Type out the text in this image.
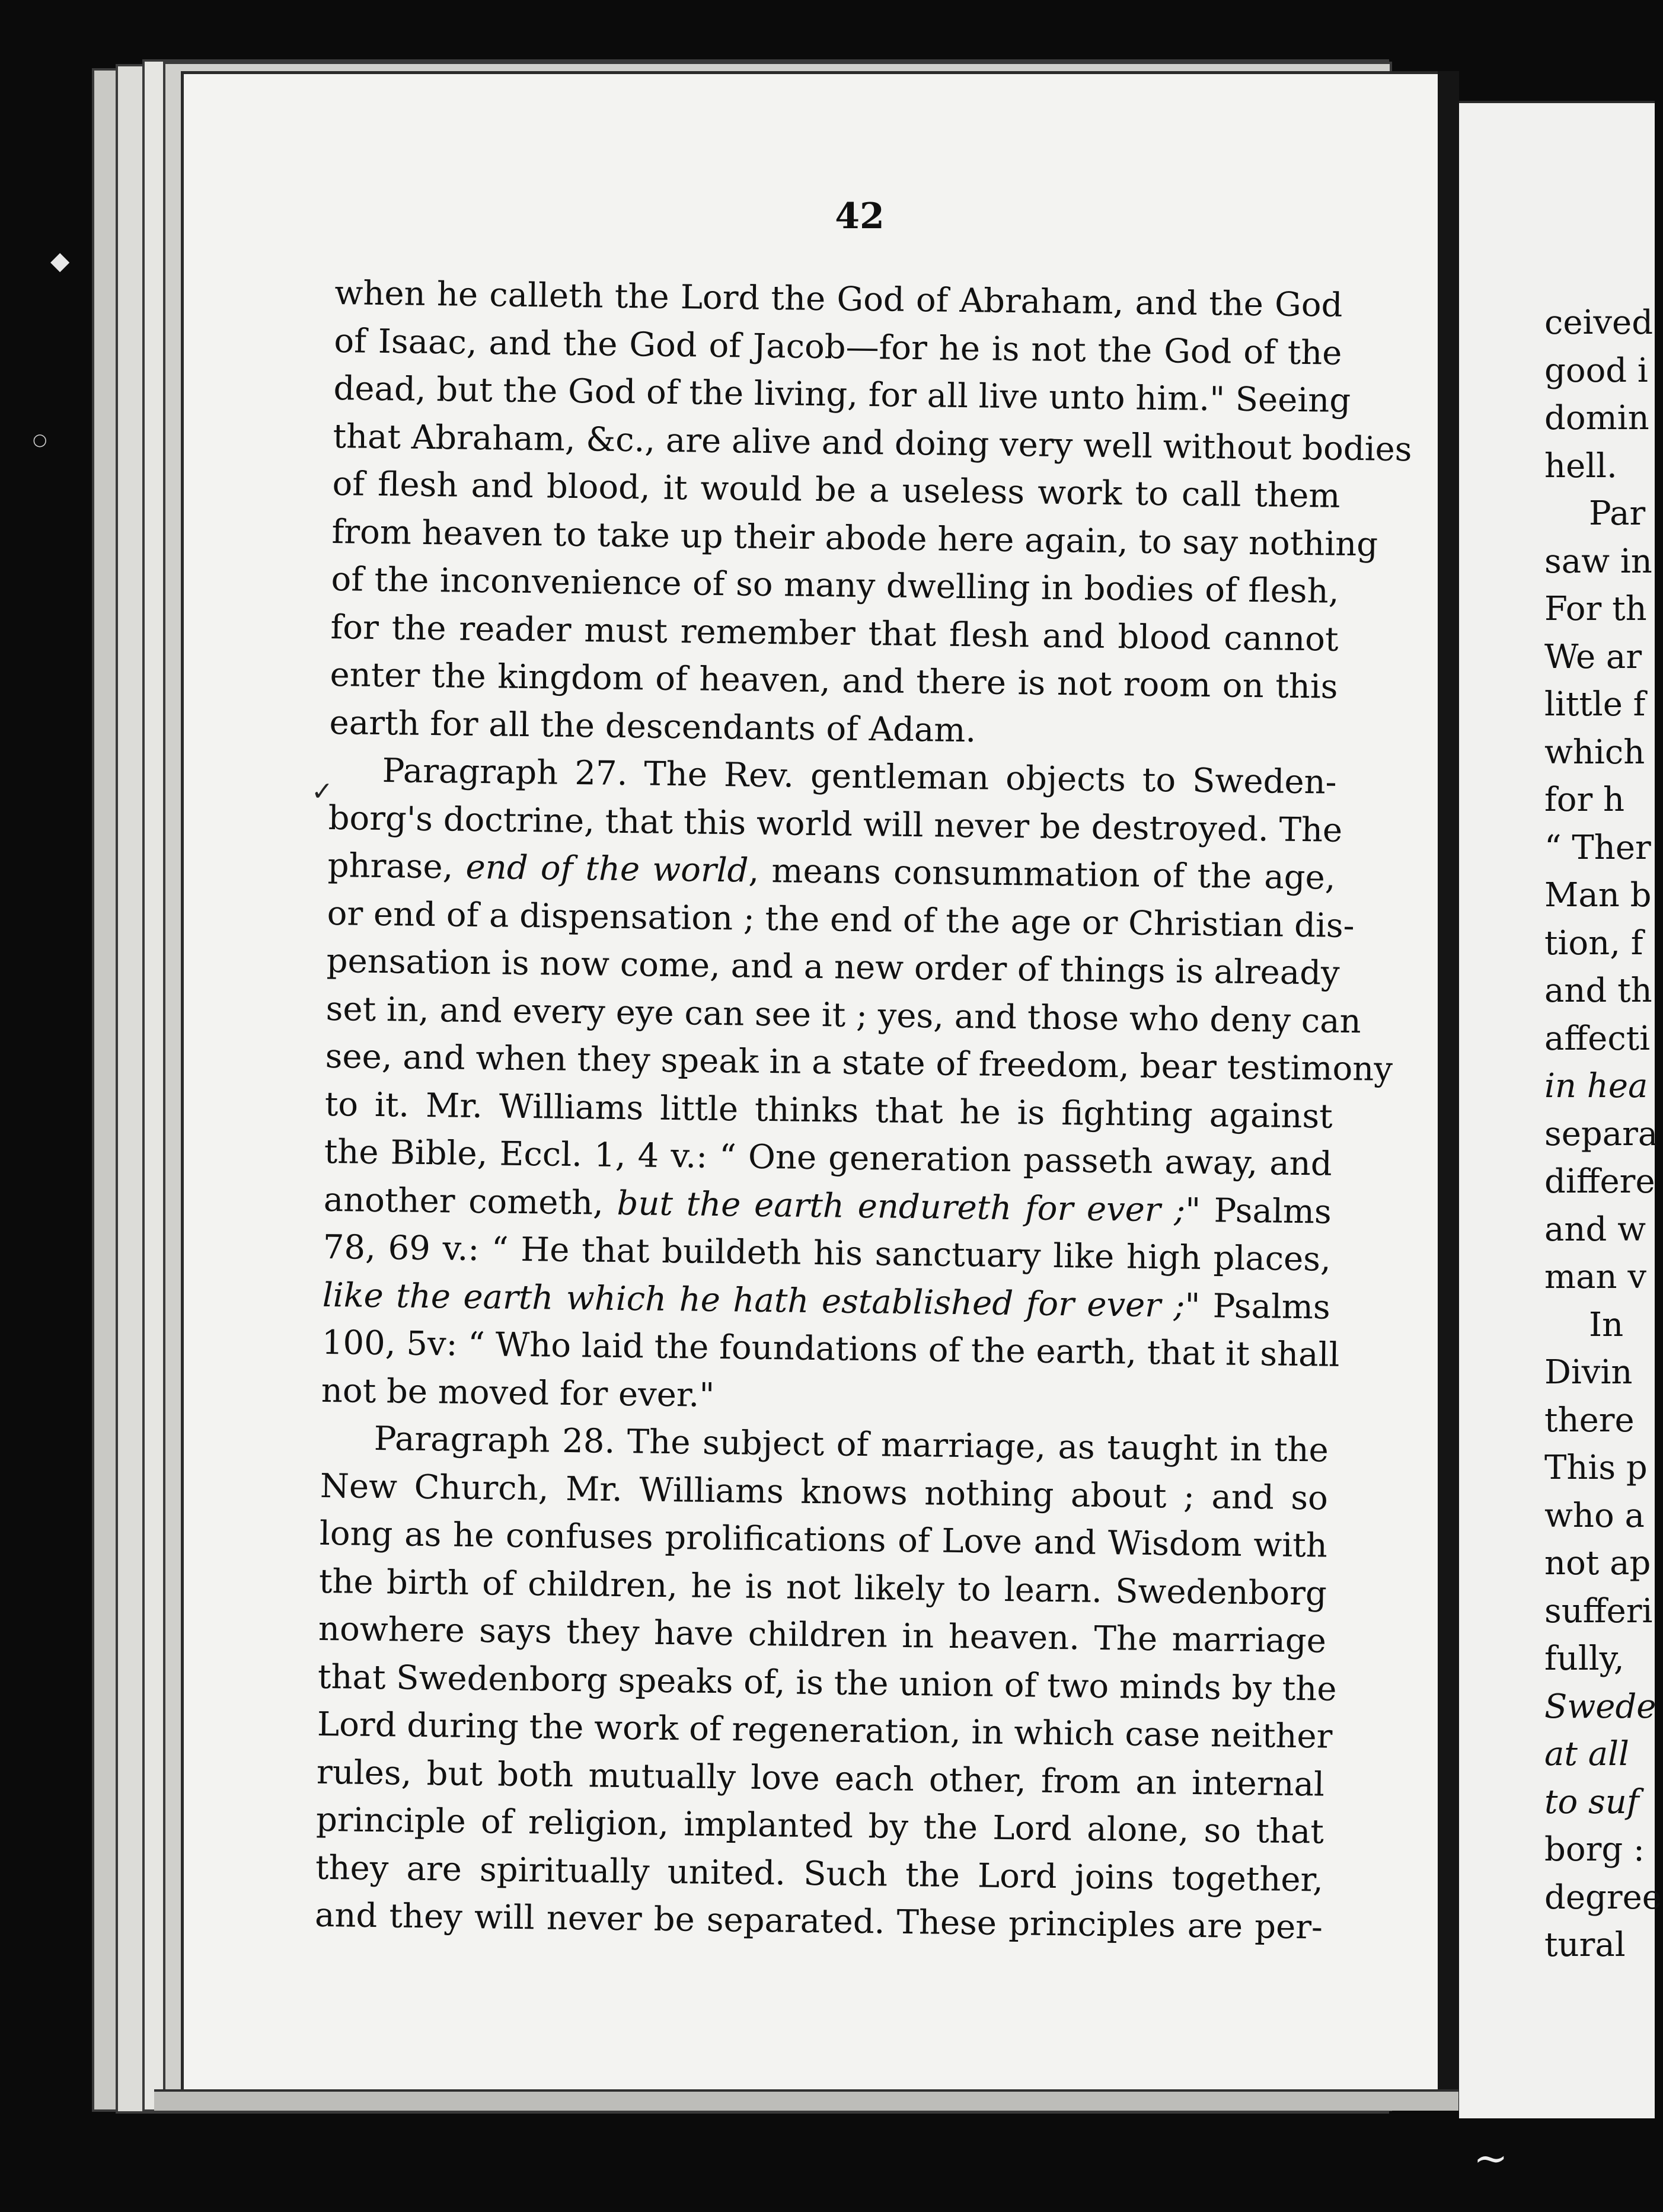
◆
○
~
✓
42
when he calleth the Lord the God of Abraham, and the God
of Isaac, and the God of Jacob—for he is not the God of the
dead, but the God of the living, for all live unto him." Seeing
that Abraham, &c., are alive and doing very well without bodies
of flesh and blood, it would be a useless work to call them
from heaven to take up their abode here again, to say nothing
of the inconvenience of so many dwelling in bodies of flesh,
for the reader must remember that flesh and blood cannot
enter the kingdom of heaven, and there is not room on this
earth for all the descendants of Adam.
Paragraph 27. The Rev. gentleman objects to Sweden-
borg's doctrine, that this world will never be destroyed. The
phrase, end of the world, means consummation of the age,
or end of a dispensation ; the end of the age or Christian dis-
pensation is now come, and a new order of things is already
set in, and every eye can see it ; yes, and those who deny can
see, and when they speak in a state of freedom, bear testimony
to it. Mr. Williams little thinks that he is fighting against
the Bible, Eccl. 1, 4 v.: “ One generation passeth away, and
another cometh, but the earth endureth for ever ;" Psalms
78, 69 v.: “ He that buildeth his sanctuary like high places,
like the earth which he hath established for ever ;" Psalms
100, 5v: “ Who laid the foundations of the earth, that it shall
not be moved for ever."
Paragraph 28. The subject of marriage, as taught in the
New Church, Mr. Williams knows nothing about ; and so
long as he confuses prolifications of Love and Wisdom with
the birth of children, he is not likely to learn. Swedenborg
nowhere says they have children in heaven. The marriage
that Swedenborg speaks of, is the union of two minds by the
Lord during the work of regeneration, in which case neither
rules, but both mutually love each other, from an internal
principle of religion, implanted by the Lord alone, so that
they are spiritually united. Such the Lord joins together,
and they will never be separated. These principles are per-
ceived
good i
domin
hell.
Par
saw in
For th
We ar
little f
which
for h
“ Ther
Man b
tion, f
and th
affecti
in hea
separa
differe
and w
man v
In
Divin
there
This p
who a
not ap
sufferi
fully,
Swede
at all
to suf
borg :
degree
tural
